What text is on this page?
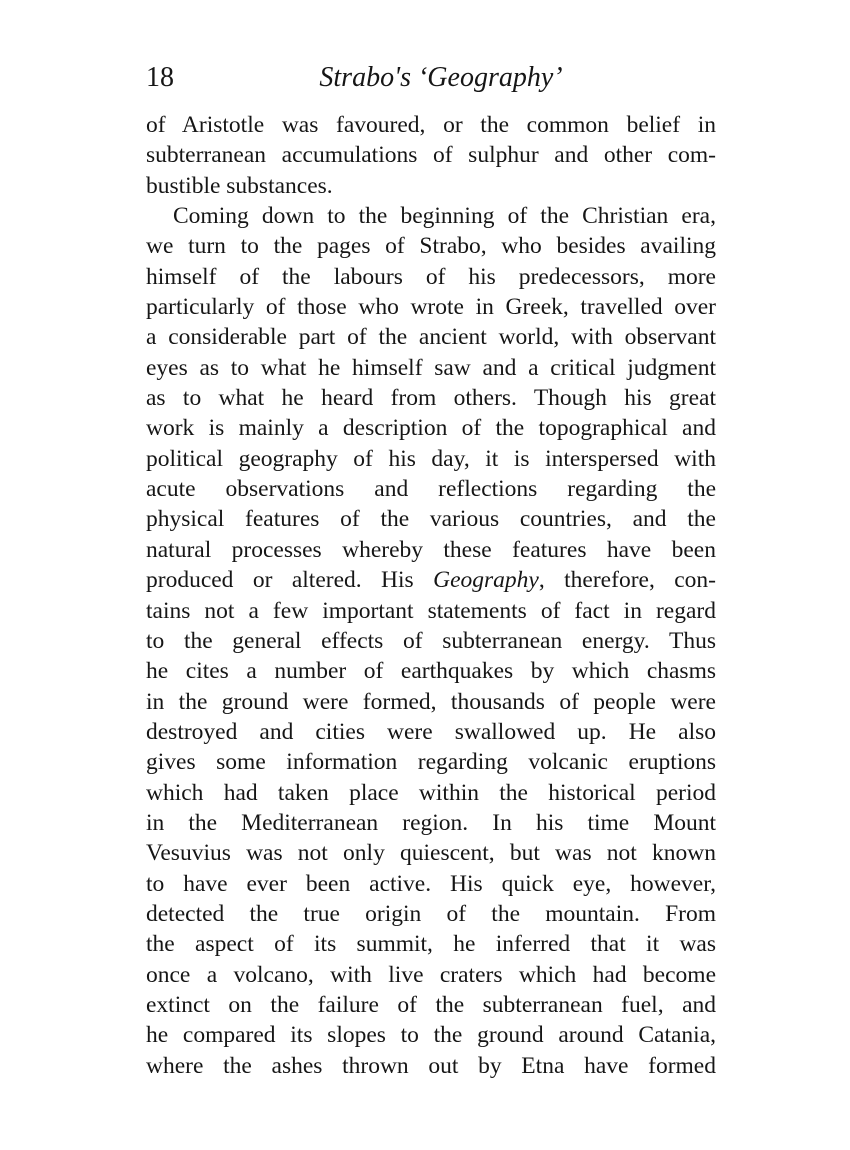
18	Strabo's ‘Geography’
of Aristotle was favoured, or the common belief in
subterranean accumulations of sulphur and other com-
bustible substances.
Coming down to the beginning of the Christian era,
we turn to the pages of Strabo, who besides availing
himself of the labours of his predecessors, more
particularly of those who wrote in Greek, travelled over
a considerable part of the ancient world, with observant
eyes as to what he himself saw and a critical judgment
as to what he heard from others. Though his great
work is mainly a description of the topographical and
political geography of his day, it is interspersed with
acute observations and reflections regarding the
physical features of the various countries, and the
natural processes whereby these features have been
produced or altered. His Geography, therefore, con-
tains not a few important statements of fact in regard
to the general effects of subterranean energy. Thus
he cites a number of earthquakes by which chasms
in the ground were formed, thousands of people were
destroyed and cities were swallowed up. He also
gives some information regarding volcanic eruptions
which had taken place within the historical period
in the Mediterranean region. In his time Mount
Vesuvius was not only quiescent, but was not known
to have ever been active. His quick eye, however,
detected the true origin of the mountain. From
the aspect of its summit, he inferred that it was
once a volcano, with live craters which had become
extinct on the failure of the subterranean fuel, and
he compared its slopes to the ground around Catania,
where the ashes thrown out by Etna have formed
